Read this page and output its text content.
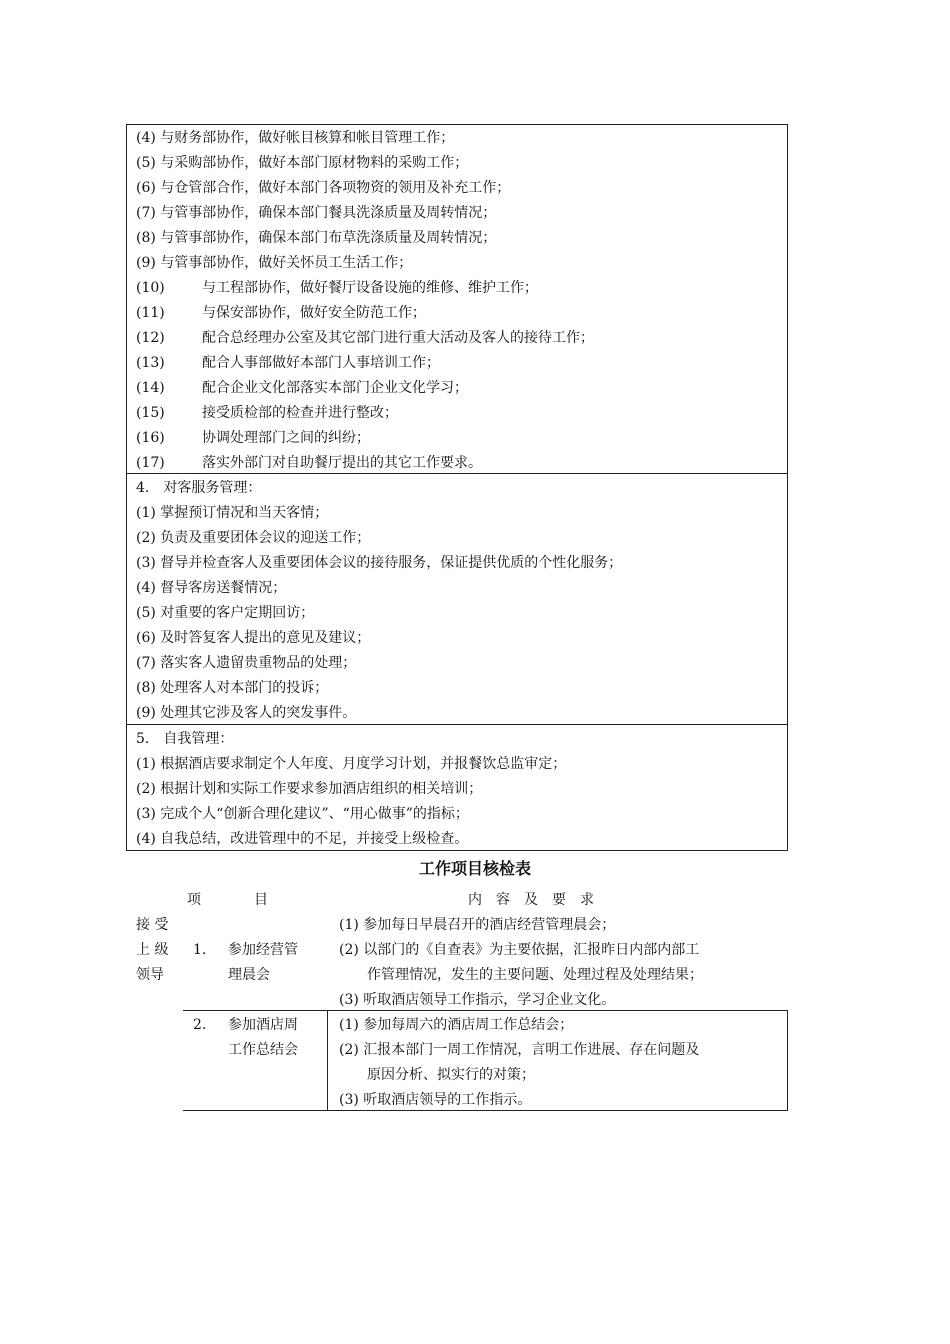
(4) 与财务部协作，做好帐目核算和帐目管理工作；
(5) 与采购部协作，做好本部门原材物料的采购工作；
(6) 与仓管部合作，做好本部门各项物资的领用及补充工作；
(7) 与管事部协作，确保本部门餐具洗涤质量及周转情况；
(8) 与管事部协作，确保本部门布草洗涤质量及周转情况；
(9) 与管事部协作，做好关怀员工生活工作；
(10)	与工程部协作，做好餐厅设备设施的维修、维护工作；
(11)	与保安部协作，做好安全防范工作；
(12)	配合总经理办公室及其它部门进行重大活动及客人的接待工作；
(13)	配合人事部做好本部门人事培训工作；
(14)	配合企业文化部落实本部门企业文化学习；
(15)	接受质检部的检查并进行整改；
(16)	协调处理部门之间的纠纷；
(17)	落实外部门对自助餐厅提出的其它工作要求。
4.　对客服务管理：
(1) 掌握预订情况和当天客情；
(2) 负责及重要团体会议的迎送工作；
(3) 督导并检查客人及重要团体会议的接待服务，保证提供优质的个性化服务；
(4) 督导客房送餐情况；
(5) 对重要的客户定期回访；
(6) 及时答复客人提出的意见及建议；
(7) 落实客人遗留贵重物品的处理；
(8) 处理客人对本部门的投诉；
(9) 处理其它涉及客人的突发事件。
5.　自我管理：
(1) 根据酒店要求制定个人年度、月度学习计划，并报餐饮总监审定；
(2) 根据计划和实际工作要求参加酒店组织的相关培训；
(3) 完成个人“创新合理化建议”、“用心做事”的指标；
(4) 自我总结，改进管理中的不足，并接受上级检查。
工作项目核检表
项	目	内　容　及　要　求
接 受
上 级
领导
1. 参加经营管
理晨会
(1) 参加每日早晨召开的酒店经营管理晨会；
(2) 以部门的《自查表》为主要依据，汇报昨日内部内部工
　　作管理情况，发生的主要问题、处理过程及处理结果；
(3) 听取酒店领导工作指示，学习企业文化。
2. 参加酒店周
工作总结会
(1) 参加每周六的酒店周工作总结会；
(2) 汇报本部门一周工作情况，言明工作进展、存在问题及
　　原因分析、拟实行的对策；
(3) 听取酒店领导的工作指示。
